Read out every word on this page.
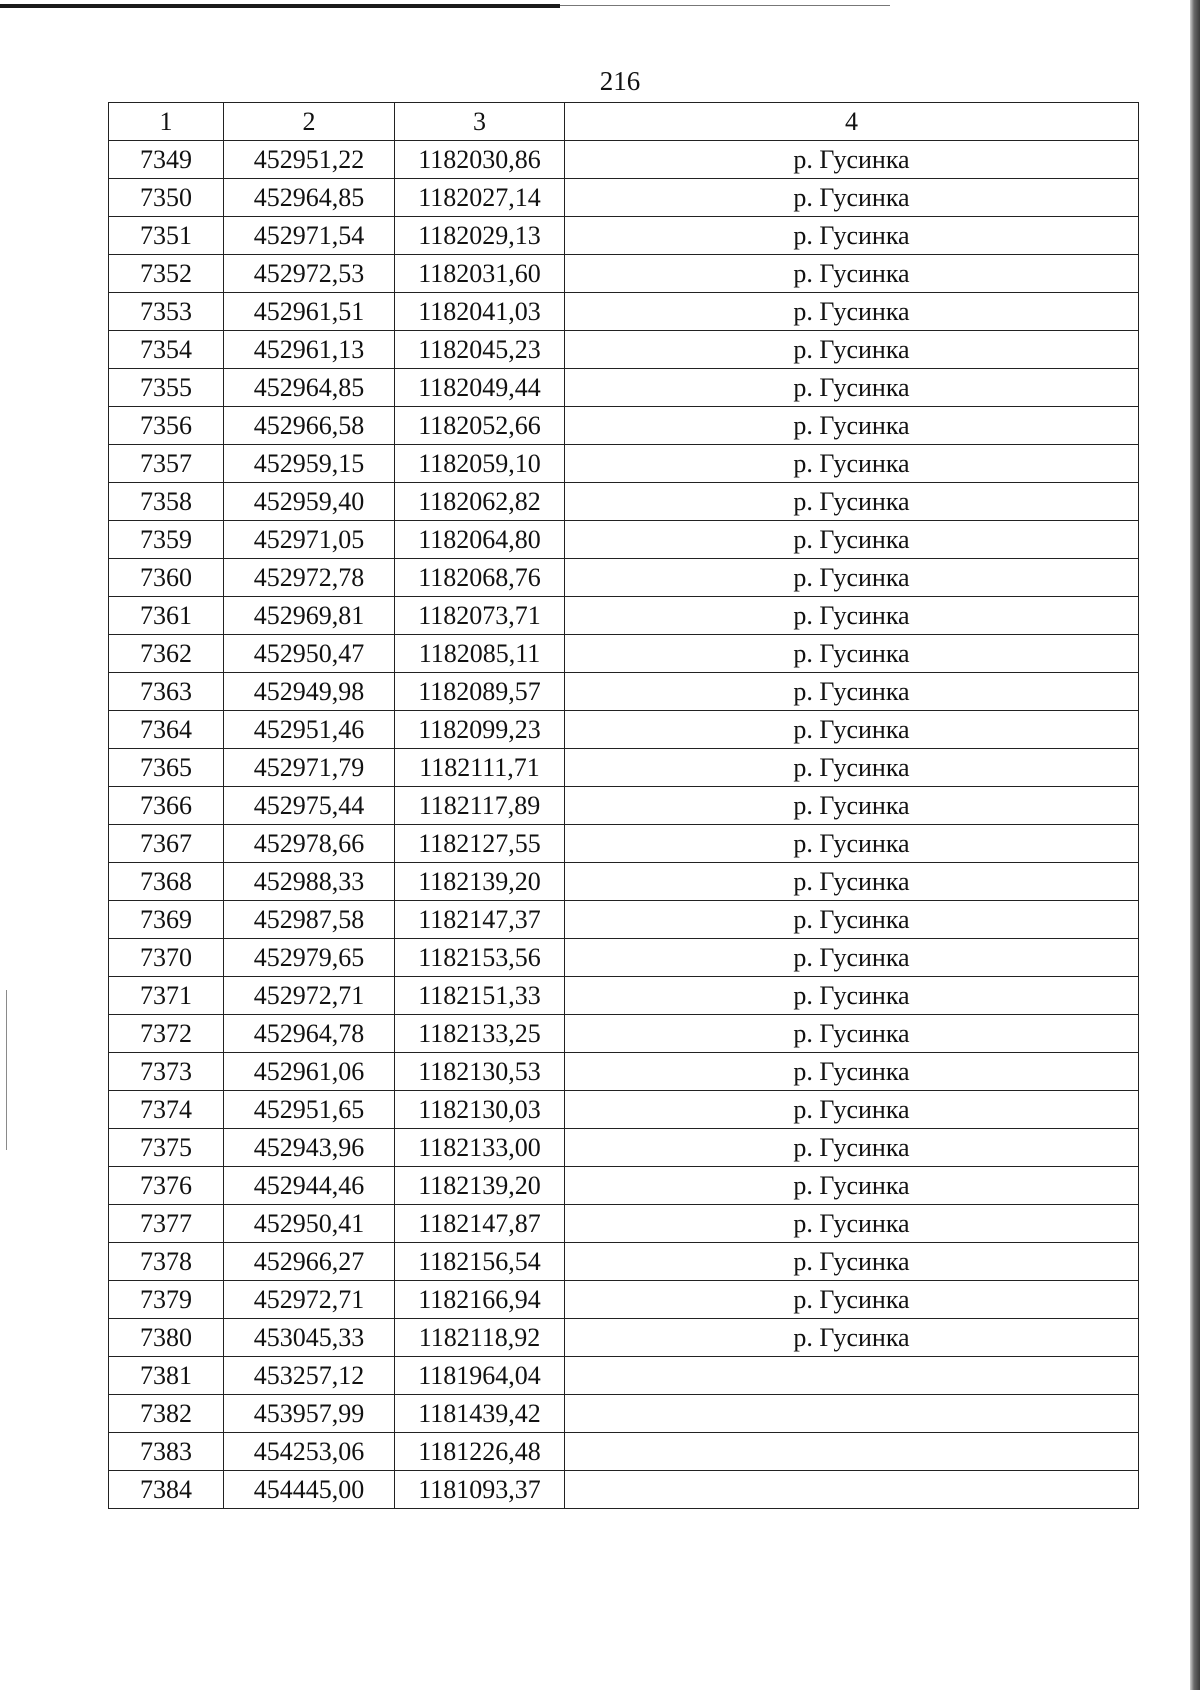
216
1	2	3	4
7349	452951,22	1182030,86	р. Гусинка
7350	452964,85	1182027,14	р. Гусинка
7351	452971,54	1182029,13	р. Гусинка
7352	452972,53	1182031,60	р. Гусинка
7353	452961,51	1182041,03	р. Гусинка
7354	452961,13	1182045,23	р. Гусинка
7355	452964,85	1182049,44	р. Гусинка
7356	452966,58	1182052,66	р. Гусинка
7357	452959,15	1182059,10	р. Гусинка
7358	452959,40	1182062,82	р. Гусинка
7359	452971,05	1182064,80	р. Гусинка
7360	452972,78	1182068,76	р. Гусинка
7361	452969,81	1182073,71	р. Гусинка
7362	452950,47	1182085,11	р. Гусинка
7363	452949,98	1182089,57	р. Гусинка
7364	452951,46	1182099,23	р. Гусинка
7365	452971,79	1182111,71	р. Гусинка
7366	452975,44	1182117,89	р. Гусинка
7367	452978,66	1182127,55	р. Гусинка
7368	452988,33	1182139,20	р. Гусинка
7369	452987,58	1182147,37	р. Гусинка
7370	452979,65	1182153,56	р. Гусинка
7371	452972,71	1182151,33	р. Гусинка
7372	452964,78	1182133,25	р. Гусинка
7373	452961,06	1182130,53	р. Гусинка
7374	452951,65	1182130,03	р. Гусинка
7375	452943,96	1182133,00	р. Гусинка
7376	452944,46	1182139,20	р. Гусинка
7377	452950,41	1182147,87	р. Гусинка
7378	452966,27	1182156,54	р. Гусинка
7379	452972,71	1182166,94	р. Гусинка
7380	453045,33	1182118,92	р. Гусинка
7381	453257,12	1181964,04	
7382	453957,99	1181439,42	
7383	454253,06	1181226,48	
7384	454445,00	1181093,37	
